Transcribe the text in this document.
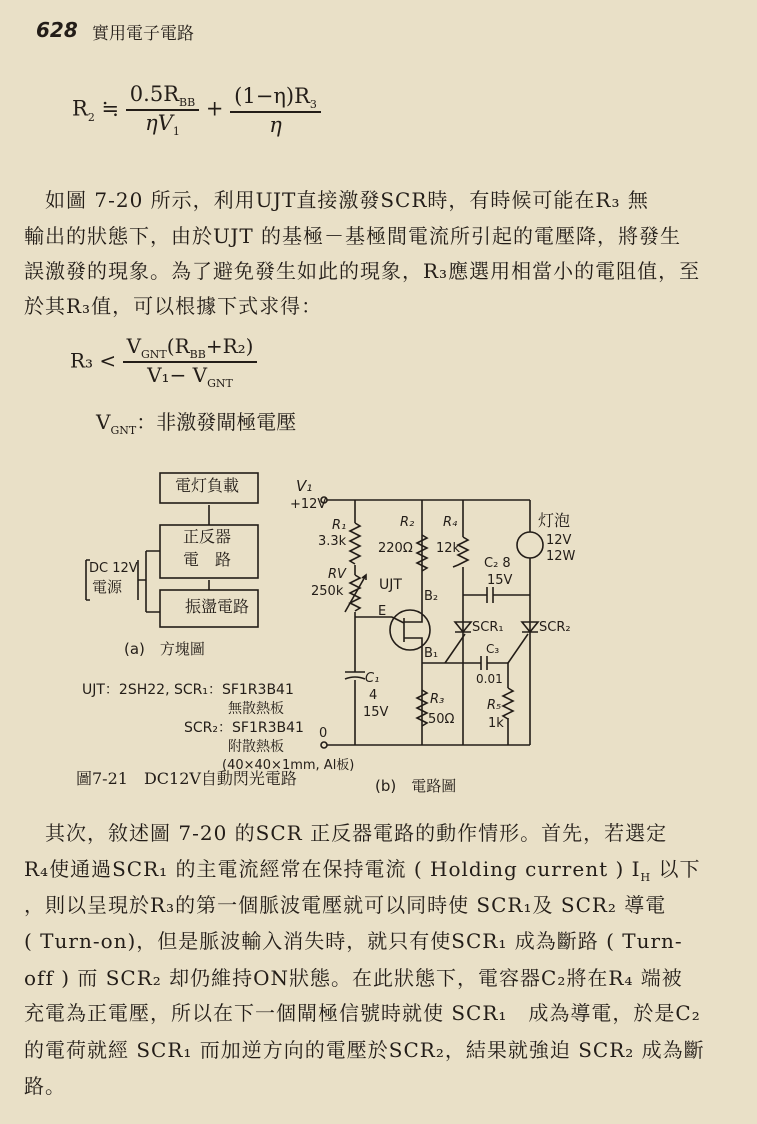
628 實用電子電路
$R_2$ ≒ $\frac{0.5R_{BB}}{\eta V_1} + \frac{(1-\eta)R_3}{\eta}$
　如圖 7-20 所示，利用UJT直接激發SCR時，有時候可能在R₃ 無
輸出的狀態下，由於UJT 的基極－基極間電流所引起的電壓降，將發生
誤激發的現象。為了避免發生如此的現象，R₃應選用相當小的電阻值，至
於其R₃值，可以根據下式求得：
$R_3 < \frac{V_{GNT}(R_{BB}+R_2)}{V_1- V_{GNT}}$
$V_{GNT}$：非激發閘極電壓
電灯負載
正反器
電　路
振盪電路
DC 12V
電源
(a)　方塊圖
V₁
+12V
0
R₁
3.3k
RV
250k
R₂
220Ω
R₄
12k
UJT
E
B₂
B₁
灯泡
12V
12W
C₂ 8
15V
SCR₁	SCR₂
C₃
0.01
C₁
4
15V
R₃
50Ω
R₅
1k
(b)　電路圖
UJT：2SH22, SCR₁：SF1R3B41
無散熱板
SCR₂：SF1R3B41
附散熱板
(40×40×1mm, Al板)
圖7-21　DC12V自動閃光電路
　其次，敘述圖 7-20 的SCR 正反器電路的動作情形。首先，若選定
R₄使通過SCR₁ 的主電流經常在保持電流 ( Holding current ) $I_H$ 以下
，則以呈現於R₃的第一個脈波電壓就可以同時使 SCR₁及 SCR₂ 導電
( Turn-on)，但是脈波輸入消失時，就只有使SCR₁ 成為斷路 ( Turn-
off ) 而 SCR₂ 却仍維持ON狀態。在此狀態下，電容器C₂將在R₄ 端被
充電為正電壓，所以在下一個閘極信號時就使 SCR₁　成為導電，於是C₂
的電荷就經 SCR₁ 而加逆方向的電壓於SCR₂，結果就強迫 SCR₂ 成為斷
路。
